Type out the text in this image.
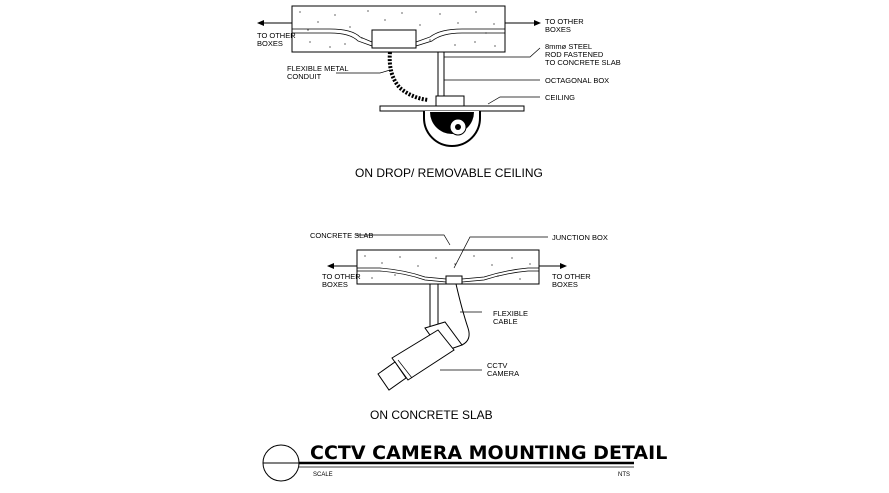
TO OTHER
BOXES
TO OTHER
BOXES
8mmø STEEL
ROD FASTENED
TO CONCRETE SLAB
FLEXIBLE METAL
CONDUIT	OCTAGONAL BOX
CEILING
ON DROP/ REMOVABLE CEILING
CONCRETE SLAB	JUNCTION BOX
TO OTHER
BOXES
TO OTHER
BOXES
FLEXIBLE
CABLE
CCTV
CAMERA
ON CONCRETE SLAB
CCTV CAMERA MOUNTING DETAIL
SCALE	NTS
